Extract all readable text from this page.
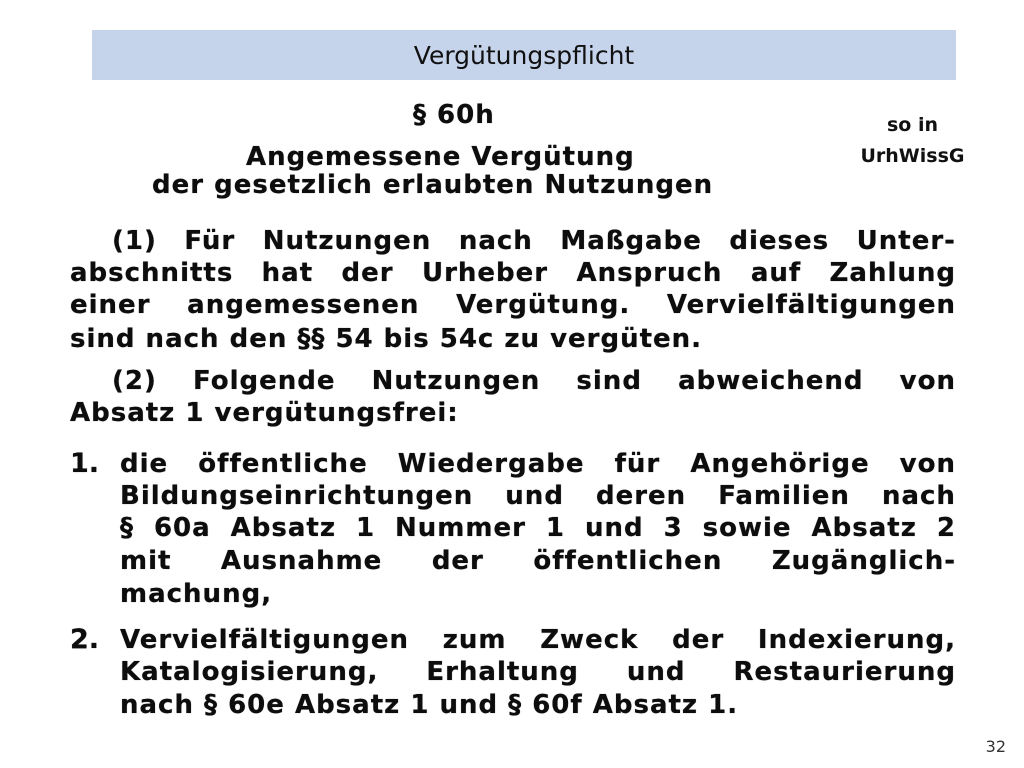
Vergütungspflicht
so in
UrhWissG
§ 60h
Angemessene Vergütung
der gesetzlich erlaubten Nutzungen
(1) Für Nutzungen nach Maßgabe dieses Unter-
abschnitts hat der Urheber Anspruch auf Zahlung
einer angemessenen Vergütung. Vervielfältigungen
sind nach den §§ 54 bis 54c zu vergüten.
(2) Folgende Nutzungen sind abweichend von
Absatz 1 vergütungsfrei:
1. die öffentliche Wiedergabe für Angehörige von
Bildungseinrichtungen und deren Familien nach
§ 60a Absatz 1 Nummer 1 und 3 sowie Absatz 2
mit Ausnahme der öffentlichen Zugänglich-
machung,
2. Vervielfältigungen zum Zweck der Indexierung,
Katalogisierung, Erhaltung und Restaurierung
nach § 60e Absatz 1 und § 60f Absatz 1.
32
